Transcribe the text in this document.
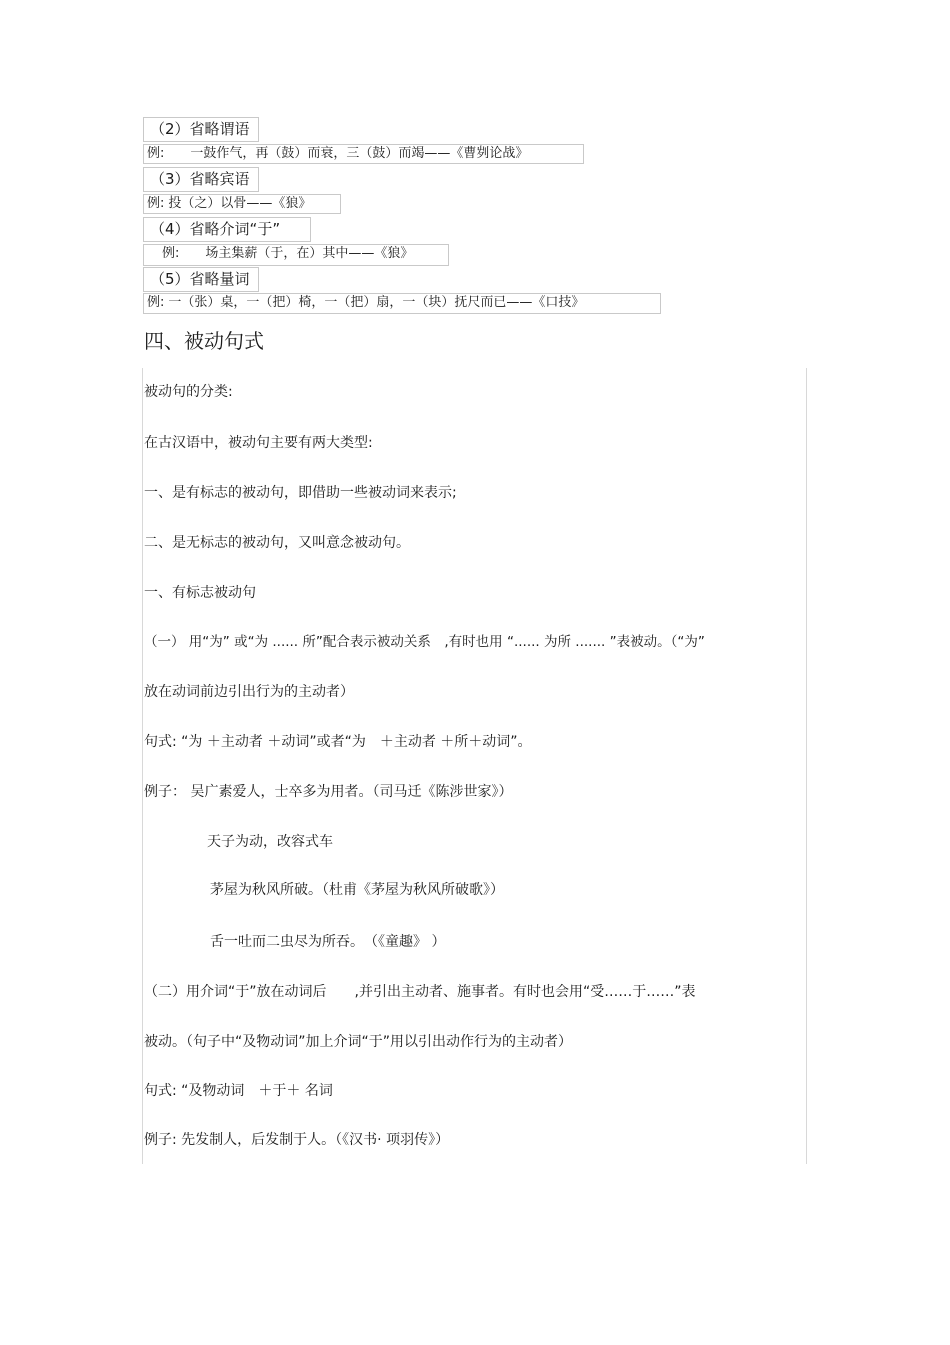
（2）省略谓语
例: 一鼓作气，再（鼓）而衰，三（鼓）而竭——《曹刿论战》
（3）省略宾语
例: 投（之）以骨——《狼》
（4）省略介词“于”
例: 场主集薪（于，在）其中——《狼》
（5）省略量词
例: 一（张）桌，一（把）椅，一（把）扇，一（块）抚尺而已——《口技》
四、被动句式
被动句的分类:
在古汉语中，被动句主要有两大类型:
一、是有标志的被动句，即借助一些被动词来表示;
二、是无标志的被动句，又叫意念被动句。
一、有标志被动句
（一） 用“为” 或“为 ...... 所”配合表示被动关系　,有时也用 “...... 为所 ....... ”表被动。（“为”
放在动词前边引出行为的主动者）
句式: “为 ＋主动者 ＋动词”或者“为　＋主动者 ＋所＋动词”。
例子： 吴广素爱人，士卒多为用者。（司马迁《陈涉世家》）
天子为动，改容式车
茅屋为秋风所破。（杜甫《茅屋为秋风所破歌》）
舌一吐而二虫尽为所吞。　（《童趣》 ）
（二）用介词“于”放在动词后　　,并引出主动者、施事者。有时也会用“受……于……”表
被动。（句子中“及物动词”加上介词“于”用以引出动作行为的主动者）
句式: “及物动词　＋于＋ 名词
例子: 先发制人，后发制于人。（《汉书· 项羽传》）
